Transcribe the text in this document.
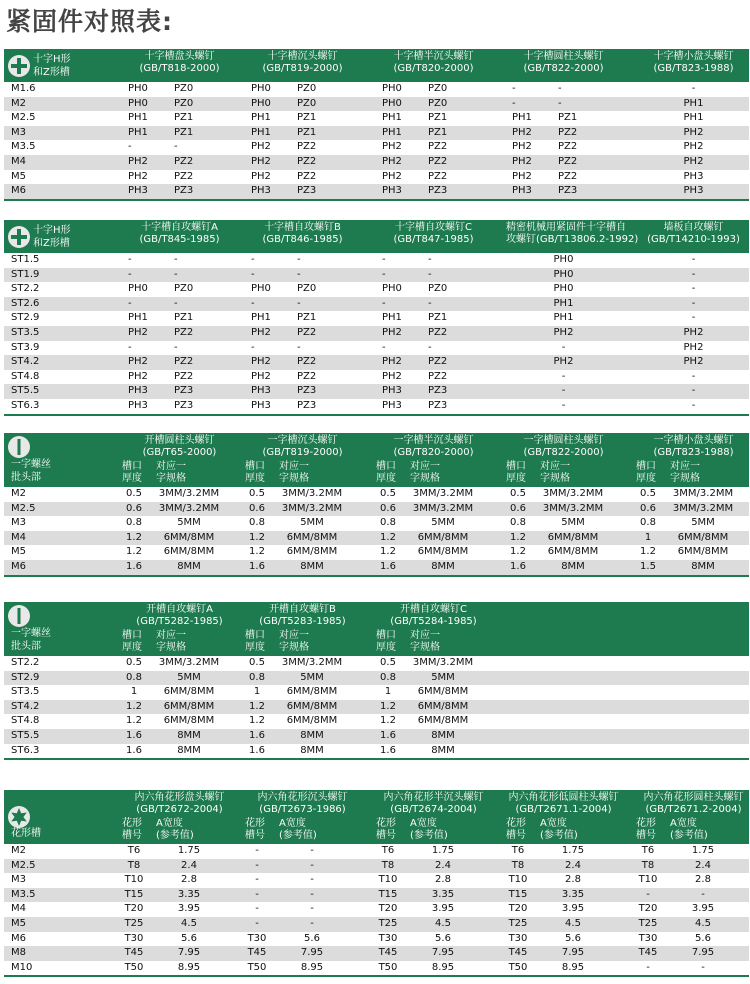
紧固件对照表:
十字H形
和Z形槽
十字槽盘头螺钉
(GB/T818-2000)
十字槽沉头螺钉
(GB/T819-2000)
十字槽半沉头螺钉
(GB/T820-2000)
十字槽圆柱头螺钉
(GB/T822-2000)
十字槽小盘头螺钉
(GB/T823-1988)
M1.6	PH0	PZ0	PH0	PZ0	PH0	PZ0	-	-	-
M2	PH0	PZ0	PH0	PZ0	PH0	PZ0	-	-	PH1
M2.5	PH1	PZ1	PH1	PZ1	PH1	PZ1	PH1	PZ1	PH1
M3	PH1	PZ1	PH1	PZ1	PH1	PZ1	PH2	PZ2	PH2
M3.5	-	-	PH2	PZ2	PH2	PZ2	PH2	PZ2	PH2
M4	PH2	PZ2	PH2	PZ2	PH2	PZ2	PH2	PZ2	PH2
M5	PH2	PZ2	PH2	PZ2	PH2	PZ2	PH2	PZ2	PH3
M6	PH3	PZ3	PH3	PZ3	PH3	PZ3	PH3	PZ3	PH3
十字H形
和Z形槽
十字槽自攻螺钉A
(GB/T845-1985)
十字槽自攻螺钉B
(GB/T846-1985)
十字槽自攻螺钉C
(GB/T847-1985)
精密机械用紧固件十字槽自
攻螺钉(GB/T13806.2-1992)
墙板自攻螺钉
(GB/T14210-1993)
ST1.5	-	-	-	-	-	-	PH0	-
ST1.9	-	-	-	-	-	-	PH0	-
ST2.2	PH0	PZ0	PH0	PZ0	PH0	PZ0	PH0	-
ST2.6	-	-	-	-	-	-	PH1	-
ST2.9	PH1	PZ1	PH1	PZ1	PH1	PZ1	PH1	-
ST3.5	PH2	PZ2	PH2	PZ2	PH2	PZ2	PH2	PH2
ST3.9	-	-	-	-	-	-	-	PH2
ST4.2	PH2	PZ2	PH2	PZ2	PH2	PZ2	PH2	PH2
ST4.8	PH2	PZ2	PH2	PZ2	PH2	PZ2	-	-
ST5.5	PH3	PZ3	PH3	PZ3	PH3	PZ3	-	-
ST6.3	PH3	PZ3	PH3	PZ3	PH3	PZ3	-	-
一字螺丝
批头部
开槽圆柱头螺钉
(GB/T65-2000)
槽口
厚度
对应一
字规格
一字槽沉头螺钉
(GB/T819-2000)
槽口
厚度
对应一
字规格
一字槽半沉头螺钉
(GB/T820-2000)
槽口
厚度
对应一
字规格
一字槽圆柱头螺钉
(GB/T822-2000)
槽口
厚度
对应一
字规格
一字槽小盘头螺钉
(GB/T823-1988)
槽口
厚度
对应一
字规格
M2	0.5	3MM/3.2MM	0.5	3MM/3.2MM	0.5	3MM/3.2MM	0.5	3MM/3.2MM	0.5	3MM/3.2MM
M2.5	0.6	3MM/3.2MM	0.6	3MM/3.2MM	0.6	3MM/3.2MM	0.6	3MM/3.2MM	0.6	3MM/3.2MM
M3	0.8	5MM	0.8	5MM	0.8	5MM	0.8	5MM	0.8	5MM
M4	1.2	6MM/8MM	1.2	6MM/8MM	1.2	6MM/8MM	1.2	6MM/8MM	1	6MM/8MM
M5	1.2	6MM/8MM	1.2	6MM/8MM	1.2	6MM/8MM	1.2	6MM/8MM	1.2	6MM/8MM
M6	1.6	8MM	1.6	8MM	1.6	8MM	1.6	8MM	1.5	8MM
一字螺丝
批头部
开槽自攻螺钉A
(GB/T5282-1985)
槽口
厚度
对应一
字规格
开槽自攻螺钉B
(GB/T5283-1985)
槽口
厚度
对应一
字规格
开槽自攻螺钉C
(GB/T5284-1985)
槽口
厚度
对应一
字规格
ST2.2	0.5	3MM/3.2MM	0.5	3MM/3.2MM	0.5	3MM/3.2MM
ST2.9	0.8	5MM	0.8	5MM	0.8	5MM
ST3.5	1	6MM/8MM	1	6MM/8MM	1	6MM/8MM
ST4.2	1.2	6MM/8MM	1.2	6MM/8MM	1.2	6MM/8MM
ST4.8	1.2	6MM/8MM	1.2	6MM/8MM	1.2	6MM/8MM
ST5.5	1.6	8MM	1.6	8MM	1.6	8MM
ST6.3	1.6	8MM	1.6	8MM	1.6	8MM
花形槽
内六角花形盘头螺钉
(GB/T2672-2004)
花形
槽号
A宽度
(参考值)
内六角花形沉头螺钉
(GB/T2673-1986)
花形
槽号
A宽度
(参考值)
内六角花形半沉头螺钉
(GB/T2674-2004)
花形
槽号
A宽度
(参考值)
内六角花形低圆柱头螺钉
(GB/T2671.1-2004)
花形
槽号
A宽度
(参考值)
内六角花形圆柱头螺钉
(GB/T2671.2-2004)
花形
槽号
A宽度
(参考值)
M2	T6	1.75	-	-	T6	1.75	T6	1.75	T6	1.75
M2.5	T8	2.4	-	-	T8	2.4	T8	2.4	T8	2.4
M3	T10	2.8	-	-	T10	2.8	T10	2.8	T10	2.8
M3.5	T15	3.35	-	-	T15	3.35	T15	3.35	-	-
M4	T20	3.95	-	-	T20	3.95	T20	3.95	T20	3.95
M5	T25	4.5	-	-	T25	4.5	T25	4.5	T25	4.5
M6	T30	5.6	T30	5.6	T30	5.6	T30	5.6	T30	5.6
M8	T45	7.95	T45	7.95	T45	7.95	T45	7.95	T45	7.95
M10	T50	8.95	T50	8.95	T50	8.95	T50	8.95	-	-
